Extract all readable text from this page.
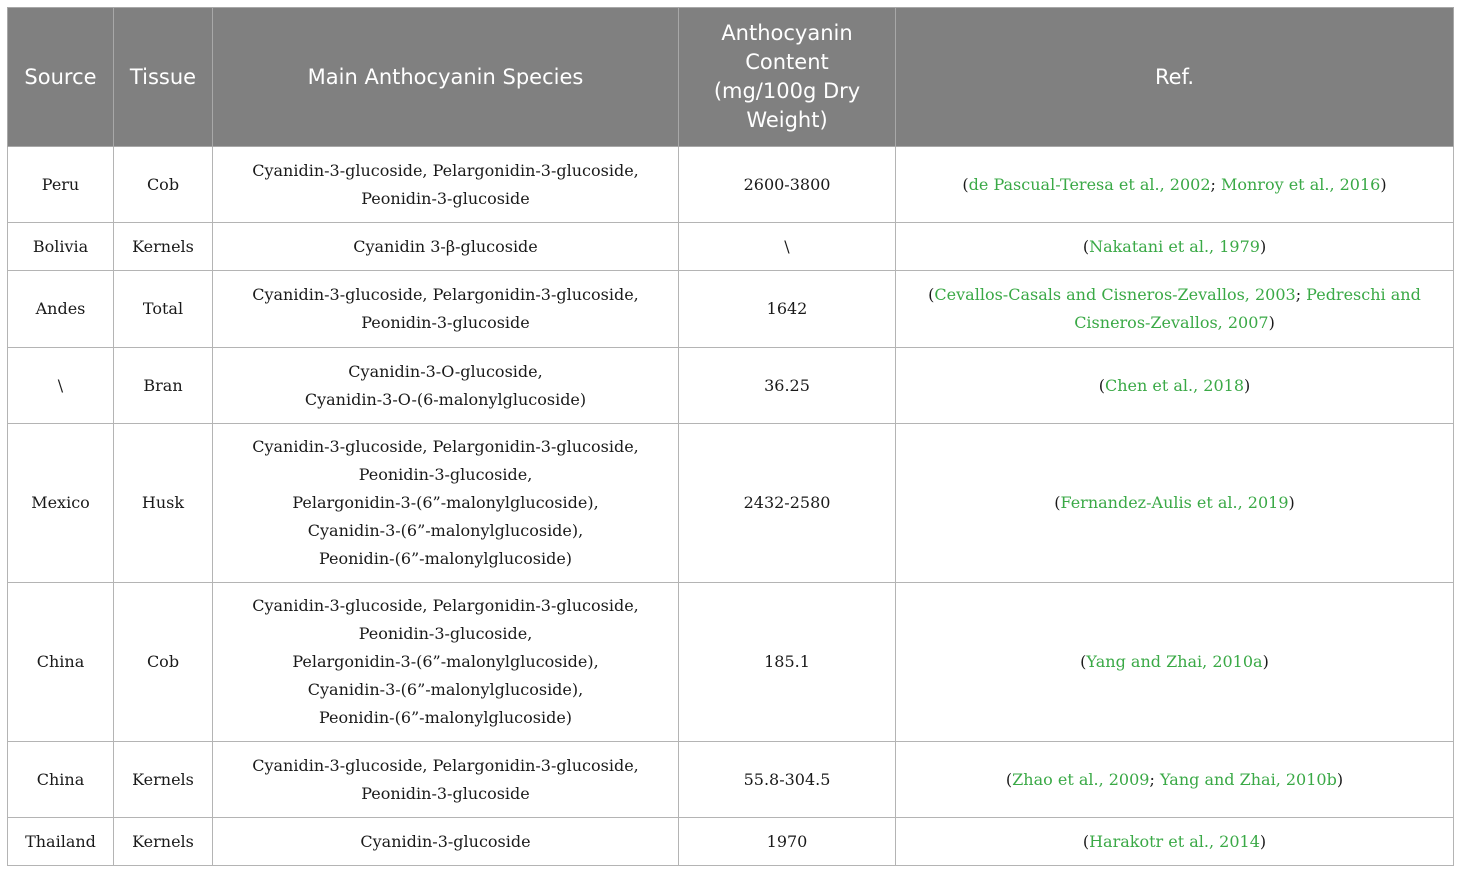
Source	Tissue	Main Anthocyanin Species	Anthocyanin
Content
(mg/100g Dry
Weight)	Ref.
Peru	Cob	Cyanidin-3-glucoside, Pelargonidin-3-glucoside,
Peonidin-3-glucoside	2600-3800	(de Pascual-Teresa et al., 2002; Monroy et al., 2016)
Bolivia	Kernels	Cyanidin 3-β-glucoside	\	(Nakatani et al., 1979)
Andes	Total	Cyanidin-3-glucoside, Pelargonidin-3-glucoside,
Peonidin-3-glucoside	1642	(Cevallos-Casals and Cisneros-Zevallos, 2003; Pedreschi and
Cisneros-Zevallos, 2007)
\	Bran	Cyanidin-3-O-glucoside,
Cyanidin-3-O-(6-malonylglucoside)	36.25	(Chen et al., 2018)
Mexico	Husk	Cyanidin-3-glucoside, Pelargonidin-3-glucoside,
Peonidin-3-glucoside,
Pelargonidin-3-(6”-malonylglucoside),
Cyanidin-3-(6”-malonylglucoside),
Peonidin-(6”-malonylglucoside)	2432-2580	(Fernandez-Aulis et al., 2019)
China	Cob	Cyanidin-3-glucoside, Pelargonidin-3-glucoside,
Peonidin-3-glucoside,
Pelargonidin-3-(6”-malonylglucoside),
Cyanidin-3-(6”-malonylglucoside),
Peonidin-(6”-malonylglucoside)	185.1	(Yang and Zhai, 2010a)
China	Kernels	Cyanidin-3-glucoside, Pelargonidin-3-glucoside,
Peonidin-3-glucoside	55.8-304.5	(Zhao et al., 2009; Yang and Zhai, 2010b)
Thailand	Kernels	Cyanidin-3-glucoside	1970	(Harakotr et al., 2014)
